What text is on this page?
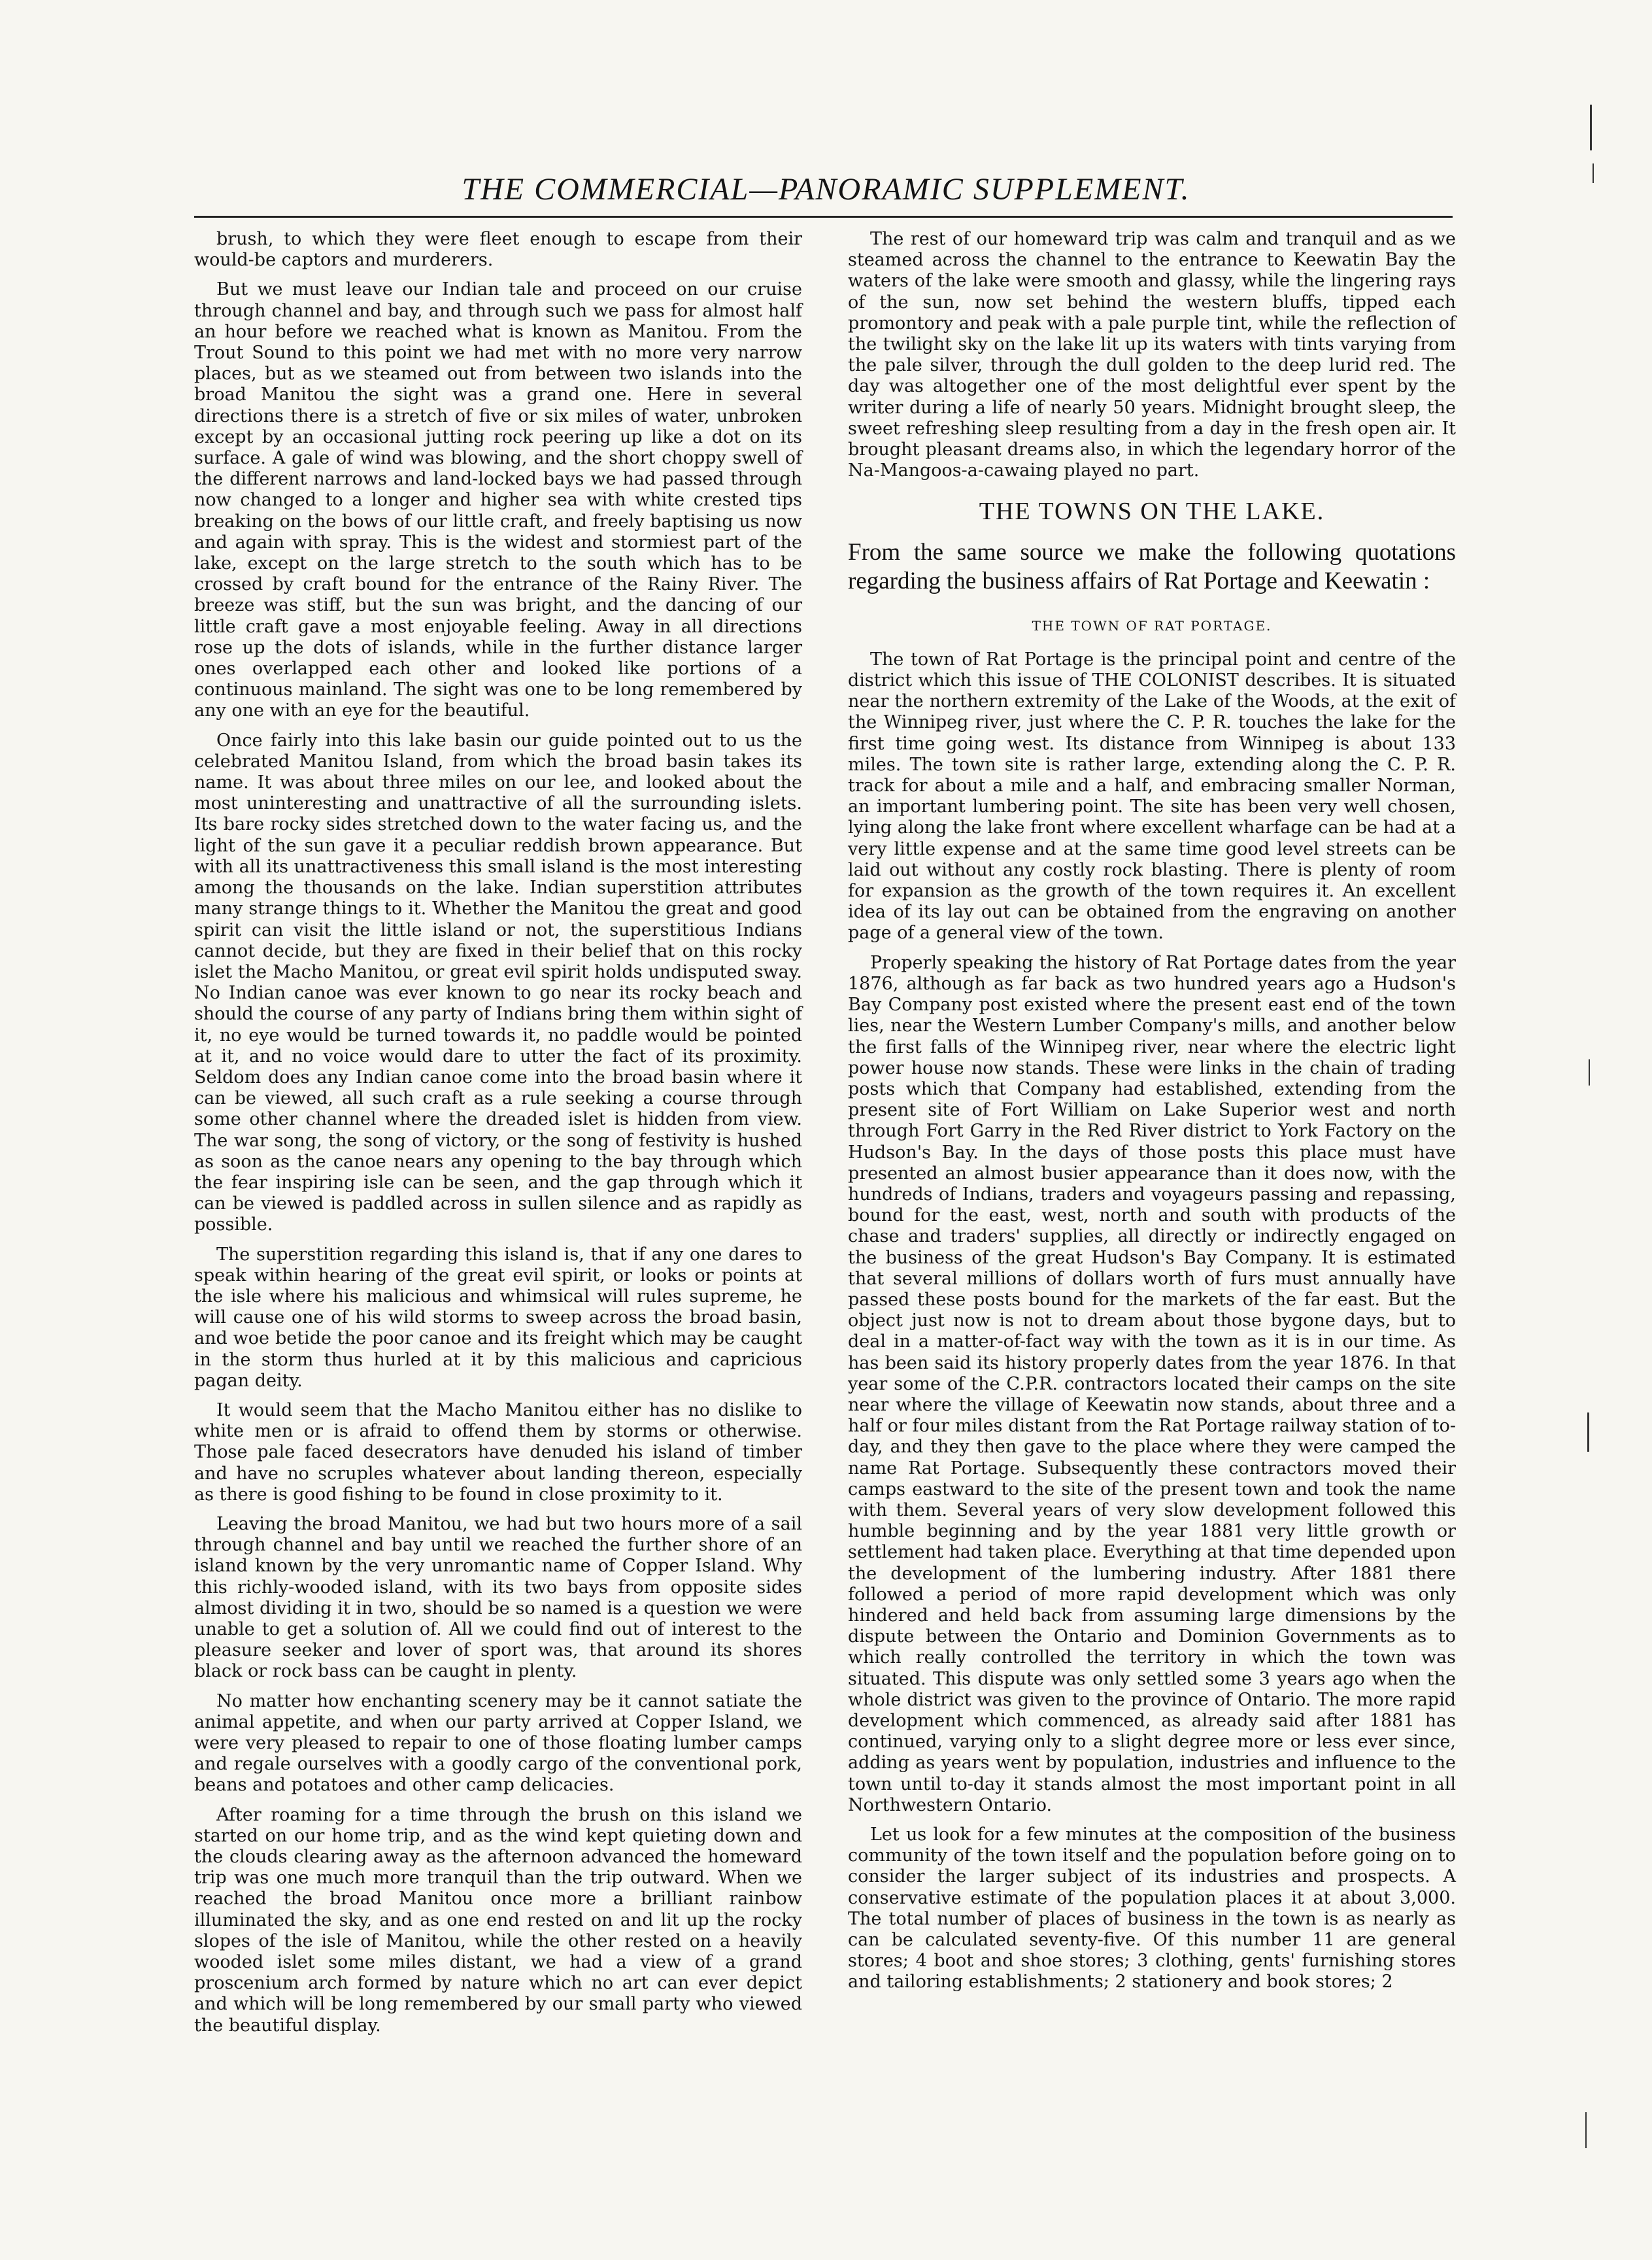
THE COMMERCIAL—PANORAMIC SUPPLEMENT.

brush, to which they were fleet enough to escape from their would-be captors and murderers.

But we must leave our Indian tale and proceed on our cruise through channel and bay, and through such we pass for almost half an hour before we reached what is known as Manitou. From the Trout Sound to this point we had met with no more very narrow places, but as we steamed out from between two islands into the broad Manitou the sight was a grand one. Here in several directions there is a stretch of five or six miles of water, unbroken except by an occasional jutting rock peering up like a dot on its surface. A gale of wind was blowing, and the short choppy swell of the different narrows and land-locked bays we had passed through now changed to a longer and higher sea with white crested tips breaking on the bows of our little craft, and freely baptising us now and again with spray. This is the widest and stormiest part of the lake, except on the large stretch to the south which has to be crossed by craft bound for the entrance of the Rainy River. The breeze was stiff, but the sun was bright, and the dancing of our little craft gave a most enjoyable feeling. Away in all directions rose up the dots of islands, while in the further distance larger ones overlapped each other and looked like portions of a continuous mainland. The sight was one to be long remembered by any one with an eye for the beautiful.

Once fairly into this lake basin our guide pointed out to us the celebrated Manitou Island, from which the broad basin takes its name. It was about three miles on our lee, and looked about the most uninteresting and unattractive of all the surrounding islets. Its bare rocky sides stretched down to the water facing us, and the light of the sun gave it a peculiar reddish brown appearance. But with all its unattractiveness this small island is the most interesting among the thousands on the lake. Indian superstition attributes many strange things to it. Whether the Manitou the great and good spirit can visit the little island or not, the superstitious Indians cannot decide, but they are fixed in their belief that on this rocky islet the Macho Manitou, or great evil spirit holds undisputed sway. No Indian canoe was ever known to go near its rocky beach and should the course of any party of Indians bring them within sight of it, no eye would be turned towards it, no paddle would be pointed at it, and no voice would dare to utter the fact of its proximity. Seldom does any Indian canoe come into the broad basin where it can be viewed, all such craft as a rule seeking a course through some other channel where the dreaded islet is hidden from view. The war song, the song of victory, or the song of festivity is hushed as soon as the canoe nears any opening to the bay through which the fear inspiring isle can be seen, and the gap through which it can be viewed is paddled across in sullen silence and as rapidly as possible.

The superstition regarding this island is, that if any one dares to speak within hearing of the great evil spirit, or looks or points at the isle where his malicious and whimsical will rules supreme, he will cause one of his wild storms to sweep across the broad basin, and woe betide the poor canoe and its freight which may be caught in the storm thus hurled at it by this malicious and capricious pagan deity.

It would seem that the Macho Manitou either has no dislike to white men or is afraid to offend them by storms or otherwise. Those pale faced desecrators have denuded his island of timber and have no scruples whatever about landing thereon, especially as there is good fishing to be found in close proximity to it.

Leaving the broad Manitou, we had but two hours more of a sail through channel and bay until we reached the further shore of an island known by the very unromantic name of Copper Island. Why this richly-wooded island, with its two bays from opposite sides almost dividing it in two, should be so named is a question we were unable to get a solution of. All we could find out of interest to the pleasure seeker and lover of sport was, that around its shores black or rock bass can be caught in plenty.

No matter how enchanting scenery may be it cannot satiate the animal appetite, and when our party arrived at Copper Island, we were very pleased to repair to one of those floating lumber camps and regale ourselves with a goodly cargo of the conventional pork, beans and potatoes and other camp delicacies.

After roaming for a time through the brush on this island we started on our home trip, and as the wind kept quieting down and the clouds clearing away as the afternoon advanced the homeward trip was one much more tranquil than the trip outward. When we reached the broad Manitou once more a brilliant rainbow illuminated the sky, and as one end rested on and lit up the rocky slopes of the isle of Manitou, while the other rested on a heavily wooded islet some miles distant, we had a view of a grand proscenium arch formed by nature which no art can ever depict and which will be long remembered by our small party who viewed the beautiful display.

The rest of our homeward trip was calm and tranquil and as we steamed across the channel to the entrance to Keewatin Bay the waters of the lake were smooth and glassy, while the lingering rays of the sun, now set behind the western bluffs, tipped each promontory and peak with a pale purple tint, while the reflection of the twilight sky on the lake lit up its waters with tints varying from the pale silver, through the dull golden to the deep lurid red. The day was altogether one of the most delightful ever spent by the writer during a life of nearly 50 years. Midnight brought sleep, the sweet refreshing sleep resulting from a day in the fresh open air. It brought pleasant dreams also, in which the legendary horror of the Na-Mangoos-a-cawaing played no part.

THE TOWNS ON THE LAKE.
From the same source we make the following quotations regarding the business affairs of Rat Portage and Keewatin :
THE TOWN OF RAT PORTAGE.

The town of Rat Portage is the principal point and centre of the district which this issue of THE COLONIST describes. It is situated near the northern extremity of the Lake of the Woods, at the exit of the Winnipeg river, just where the C. P. R. touches the lake for the first time going west. Its distance from Winnipeg is about 133 miles. The town site is rather large, extending along the C. P. R. track for about a mile and a half, and embracing smaller Norman, an important lumbering point. The site has been very well chosen, lying along the lake front where excellent wharfage can be had at a very little expense and at the same time good level streets can be laid out without any costly rock blasting. There is plenty of room for expansion as the growth of the town requires it. An excellent idea of its lay out can be obtained from the engraving on another page of a general view of the town.

Properly speaking the history of Rat Portage dates from the year 1876, although as far back as two hundred years ago a Hudson's Bay Company post existed where the present east end of the town lies, near the Western Lumber Company's mills, and another below the first falls of the Winnipeg river, near where the electric light power house now stands. These were links in the chain of trading posts which that Company had established, extending from the present site of Fort William on Lake Superior west and north through Fort Garry in the Red River district to York Factory on the Hudson's Bay. In the days of those posts this place must have presented an almost busier appearance than it does now, with the hundreds of Indians, traders and voyageurs passing and repassing, bound for the east, west, north and south with products of the chase and traders' supplies, all directly or indirectly engaged on the business of the great Hudson's Bay Company. It is estimated that several millions of dollars worth of furs must annually have passed these posts bound for the markets of the far east. But the object just now is not to dream about those bygone days, but to deal in a matter-of-fact way with the town as it is in our time. As has been said its history properly dates from the year 1876. In that year some of the C.P.R. contractors located their camps on the site near where the village of Keewatin now stands, about three and a half or four miles distant from the Rat Portage railway station of to-day, and they then gave to the place where they were camped the name Rat Portage. Subsequently these contractors moved their camps eastward to the site of the present town and took the name with them. Several years of very slow development followed this humble beginning and by the year 1881 very little growth or settlement had taken place. Everything at that time depended upon the development of the lumbering industry. After 1881 there followed a period of more rapid development which was only hindered and held back from assuming large dimensions by the dispute between the Ontario and Dominion Governments as to which really controlled the territory in which the town was situated. This dispute was only settled some 3 years ago when the whole district was given to the province of Ontario. The more rapid development which commenced, as already said after 1881 has continued, varying only to a slight degree more or less ever since, adding as years went by population, industries and influence to the town until to-day it stands almost the most important point in all Northwestern Ontario.

Let us look for a few minutes at the composition of the business community of the town itself and the population before going on to consider the larger subject of its industries and prospects. A conservative estimate of the population places it at about 3,000. The total number of places of business in the town is as nearly as can be calculated seventy-five. Of this number 11 are general stores; 4 boot and shoe stores; 3 clothing, gents' furnishing stores and tailoring establishments; 2 stationery and book stores; 2
